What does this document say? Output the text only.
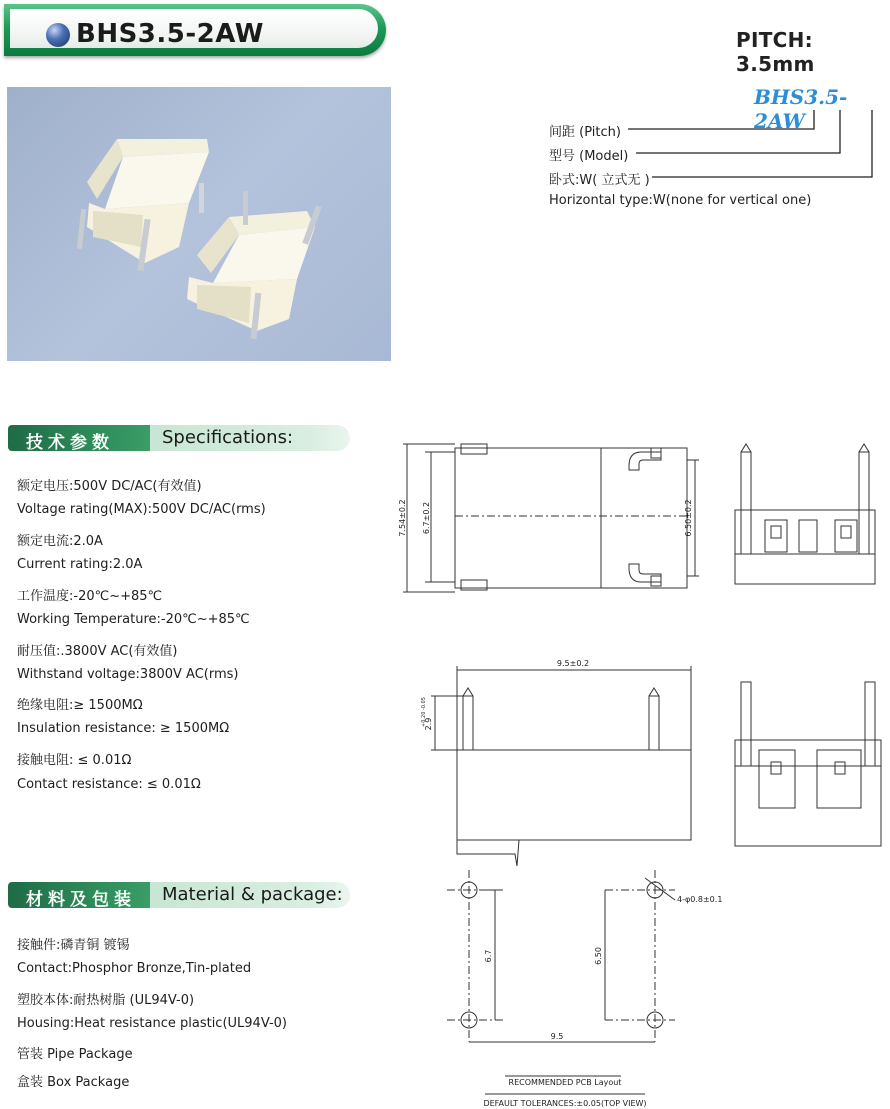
BHS3.5-2AW	PITCH: 3.5mm
BHS3.5-2AW
间距 (Pitch)
型号 (Model)
卧式:W( 立式无 )
Horizontal type:W(none for vertical one)
技术参数	Specifications:
额定电压:500V DC/AC(有效值)
Voltage rating(MAX):500V DC/AC(rms)
额定电流:2.0A
Current rating:2.0A
工作温度:-20℃~+85℃
Working Temperature:-20℃~+85℃
耐压值:.3800V AC(有效值)
Withstand voltage:3800V AC(rms)
绝缘电阻:≥ 1500MΩ
Insulation resistance: ≥ 1500MΩ
接触电阻: ≤ 0.01Ω
Contact resistance: ≤ 0.01Ω
材料及包装 Material & package:
接触件:磷青铜 镀锡
Contact:Phosphor Bronze,Tin-plated
塑胶本体:耐热树脂 (UL94V-0)
Housing:Heat resistance plastic(UL94V-0)
管装 Pipe Package
盒装 Box Package
7.54±0.2 6.7±0.2	6.50±0.2
9.5±0.2
2.9
+0.20 -0.05
4-φ0.8±0.1
6.7	6.50
9.5
RECOMMENDED PCB Layout
DEFAULT TOLERANCES:±0.05(TOP VIEW)
